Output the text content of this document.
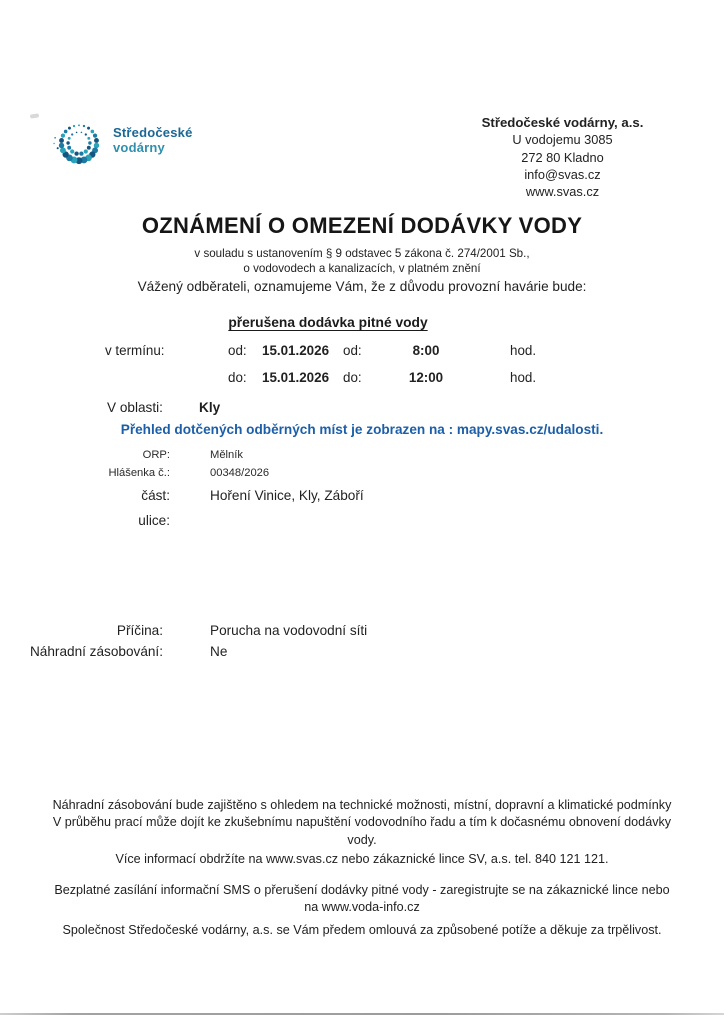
Středočeské
vodárny
Středočeské vodárny, a.s.
U vodojemu 3085
272 80 Kladno
info@svas.cz
www.svas.cz
OZNÁMENÍ O OMEZENÍ DODÁVKY VODY
v souladu s ustanovením § 9 odstavec 5 zákona č. 274/2001 Sb.,
o vodovodech a kanalizacích, v platném znění
Vážený odběrateli, oznamujeme Vám, že z důvodu provozní havárie bude:
přerušena dodávka pitné vody
v termínu:	od: 15.01.2026 od:	8:00	hod.
do: 15.01.2026 do:	12:00	hod.
V oblasti:	Kly
Přehled dotčených odběrných míst je zobrazen na : mapy.svas.cz/udalosti.
ORP:	Mělník
Hlášenka č.:	00348/2026
část:	Hoření Vinice, Kly, Záboří
ulice:
Příčina:	Porucha na vodovodní síti
Náhradní zásobování:	Ne
Náhradní zásobování bude zajištěno s ohledem na technické možnosti, místní, dopravní a klimatické podmínky
V průběhu prací může dojít ke zkušebnímu napuštění vodovodního řadu a tím k dočasnému obnovení dodávky
vody.
Více informací obdržíte na www.svas.cz nebo zákaznické lince SV, a.s. tel. 840 121 121.
Bezplatné zasílání informační SMS o přerušení dodávky pitné vody - zaregistrujte se na zákaznické lince nebo
na www.voda-info.cz
Společnost Středočeské vodárny, a.s. se Vám předem omlouvá za způsobené potíže a děkuje za trpělivost.
